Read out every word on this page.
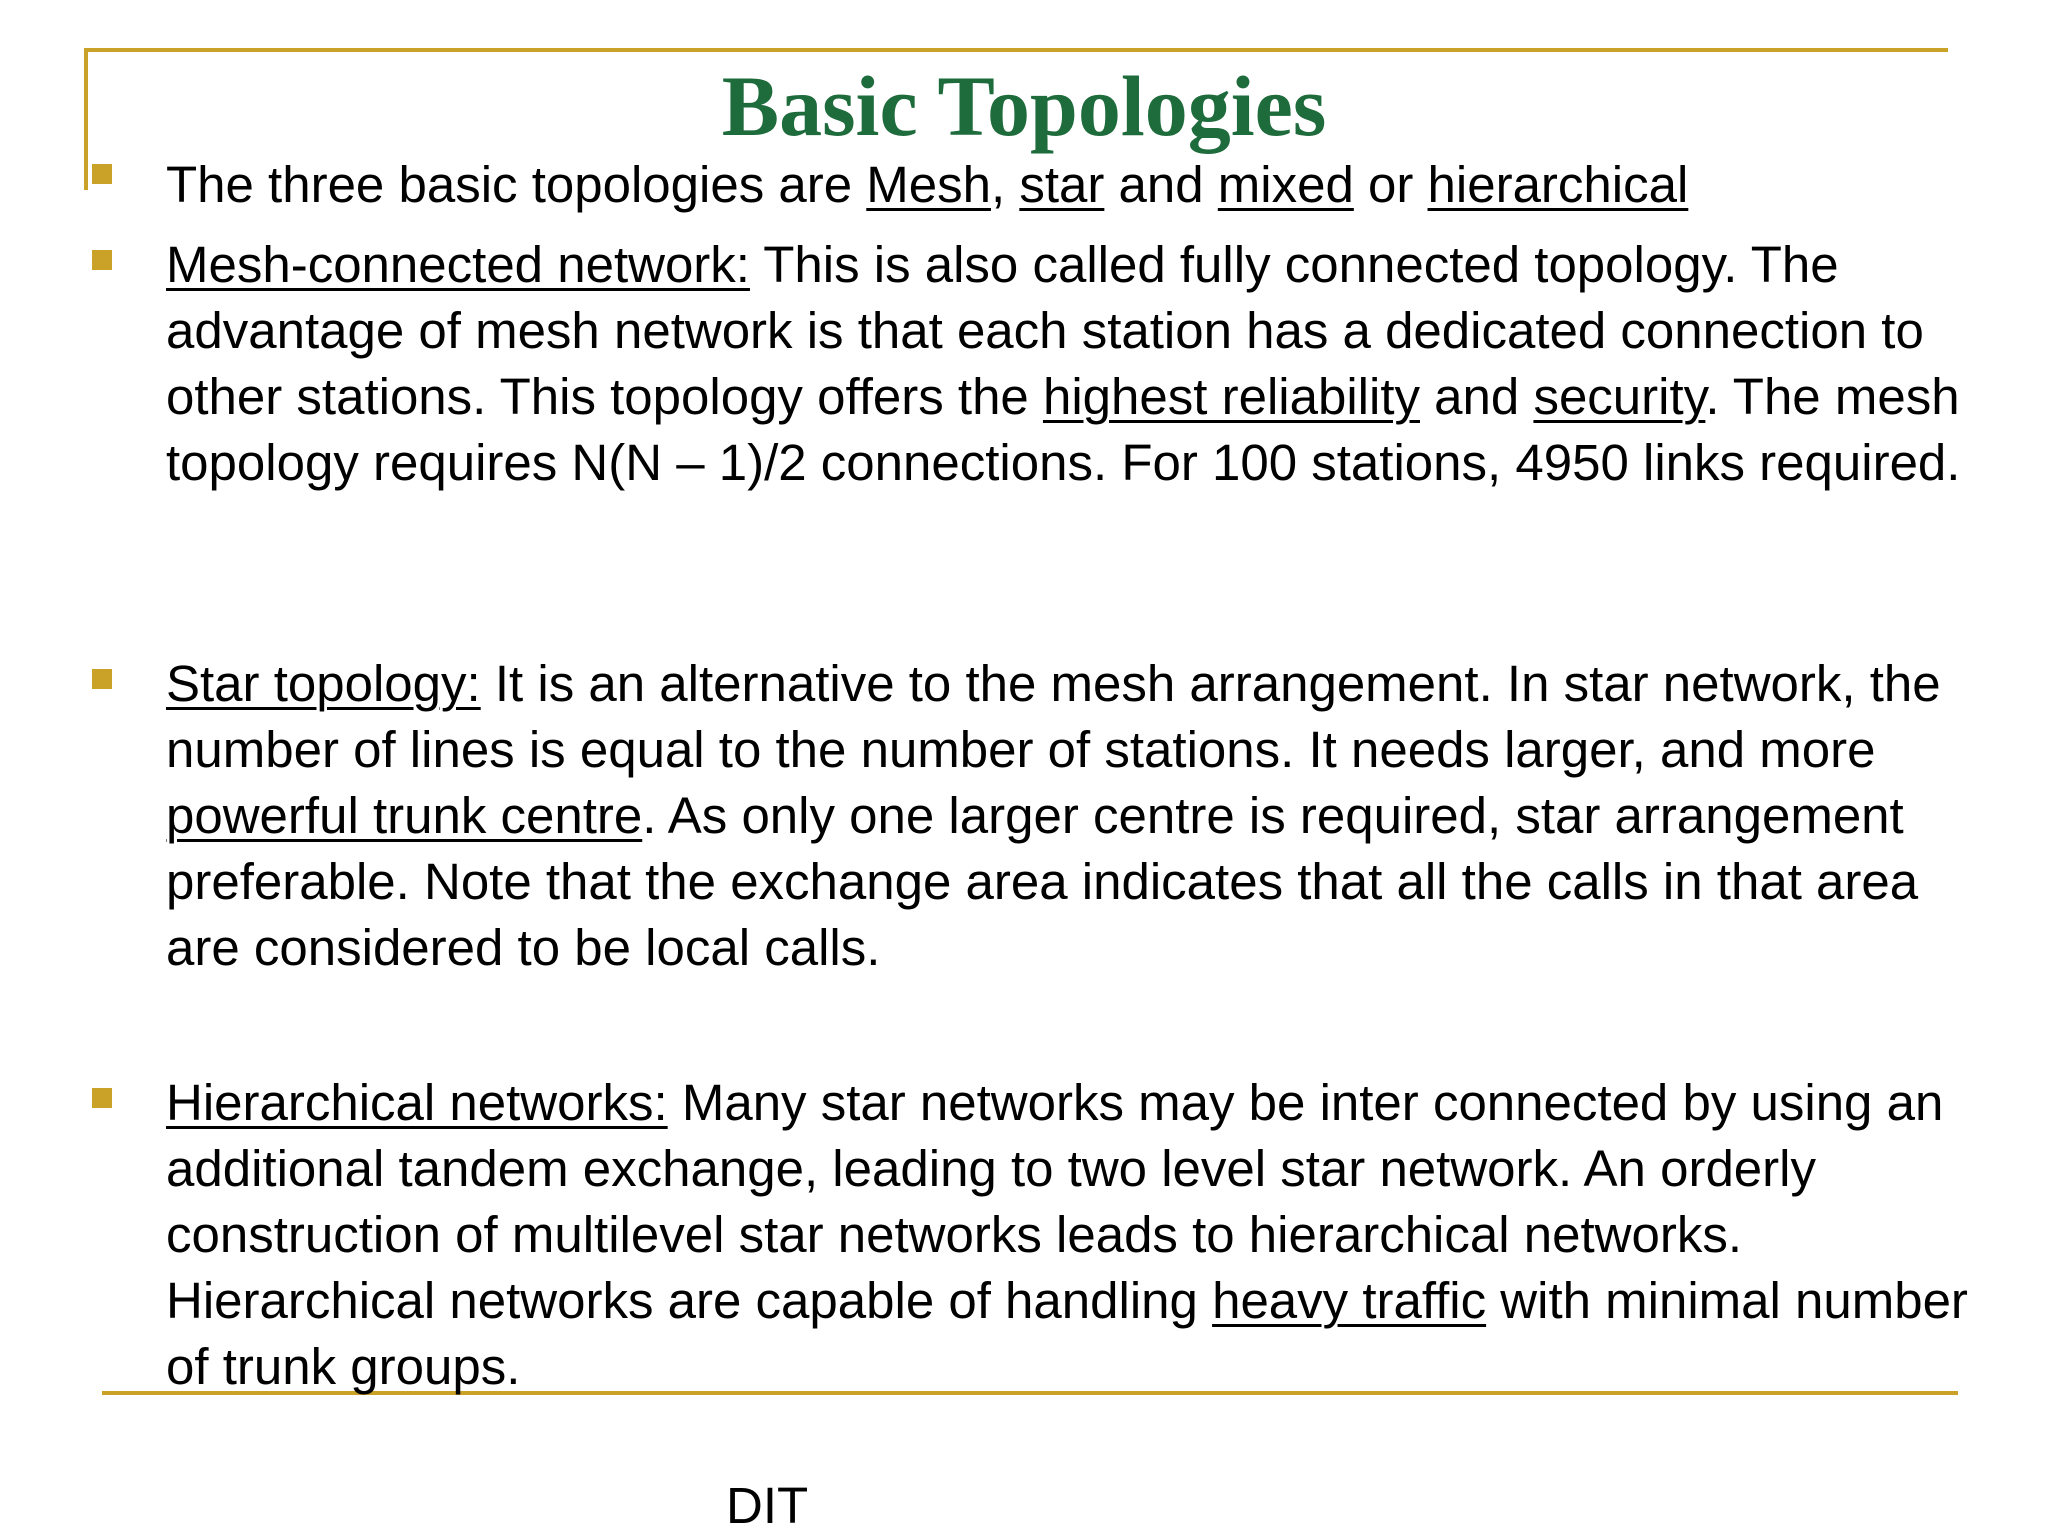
Basic Topologies
The three basic topologies are Mesh, star and mixed or hierarchical
Mesh-connected network: This is also called fully connected topology. The advantage of mesh network is that each station has a dedicated connection to other stations. This topology offers the highest reliability and security. The mesh topology requires N(N – 1)/2 connections. For 100 stations, 4950 links required.
Star topology: It is an alternative to the mesh arrangement. In star network, the number of lines is equal to the number of stations. It needs larger, and more powerful trunk centre. As only one larger centre is required, star arrangement preferable. Note that the exchange area indicates that all the calls in that area are considered to be local calls.
Hierarchical networks: Many star networks may be inter connected by using an additional tandem exchange, leading to two level star network. An orderly construction of multilevel star networks leads to hierarchical networks. Hierarchical networks are capable of handling heavy traffic with minimal number of trunk groups.
DIT
